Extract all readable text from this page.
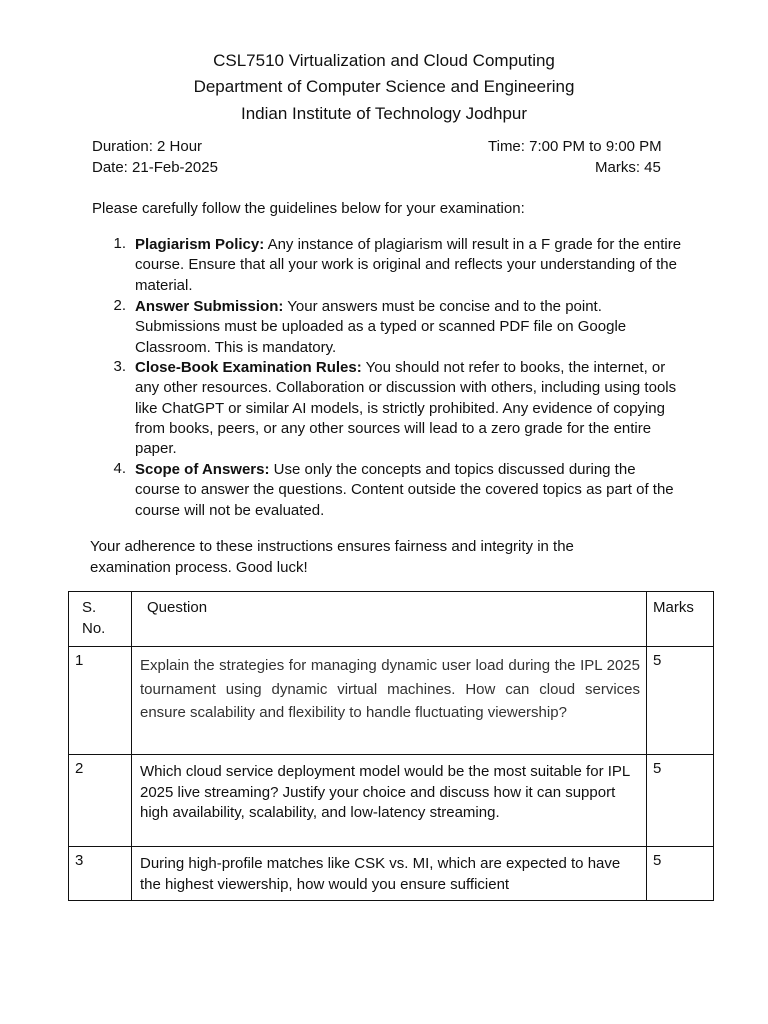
CSL7510 Virtualization and Cloud Computing
Department of Computer Science and Engineering
Indian Institute of Technology Jodhpur
Duration: 2 Hour	Time: 7:00 PM to 9:00 PM
Date: 21-Feb-2025	Marks: 45
Please carefully follow the guidelines below for your examination:
1. Plagiarism Policy: Any instance of plagiarism will result in a F grade for the entire course. Ensure that all your work is original and reflects your understanding of the material.
2. Answer Submission: Your answers must be concise and to the point. Submissions must be uploaded as a typed or scanned PDF file on Google Classroom. This is mandatory.
3. Close-Book Examination Rules: You should not refer to books, the internet, or any other resources. Collaboration or discussion with others, including using tools like ChatGPT or similar AI models, is strictly prohibited. Any evidence of copying from books, peers, or any other sources will lead to a zero grade for the entire paper.
4. Scope of Answers: Use only the concepts and topics discussed during the course to answer the questions. Content outside the covered topics as part of the course will not be evaluated.
Your adherence to these instructions ensures fairness and integrity in the examination process. Good luck!
S. No.	Question	Marks

1	Explain the strategies for managing dynamic user load during the IPL 2025 tournament using dynamic virtual machines. How can cloud services ensure scalability and flexibility to handle fluctuating viewership?	5

2	Which cloud service deployment model would be the most suitable for IPL 2025 live streaming? Justify your choice and discuss how it can support high availability, scalability, and low-latency streaming.	5

3	During high-profile matches like CSK vs. MI, which are expected to have the highest viewership, how would you ensure sufficient	5
